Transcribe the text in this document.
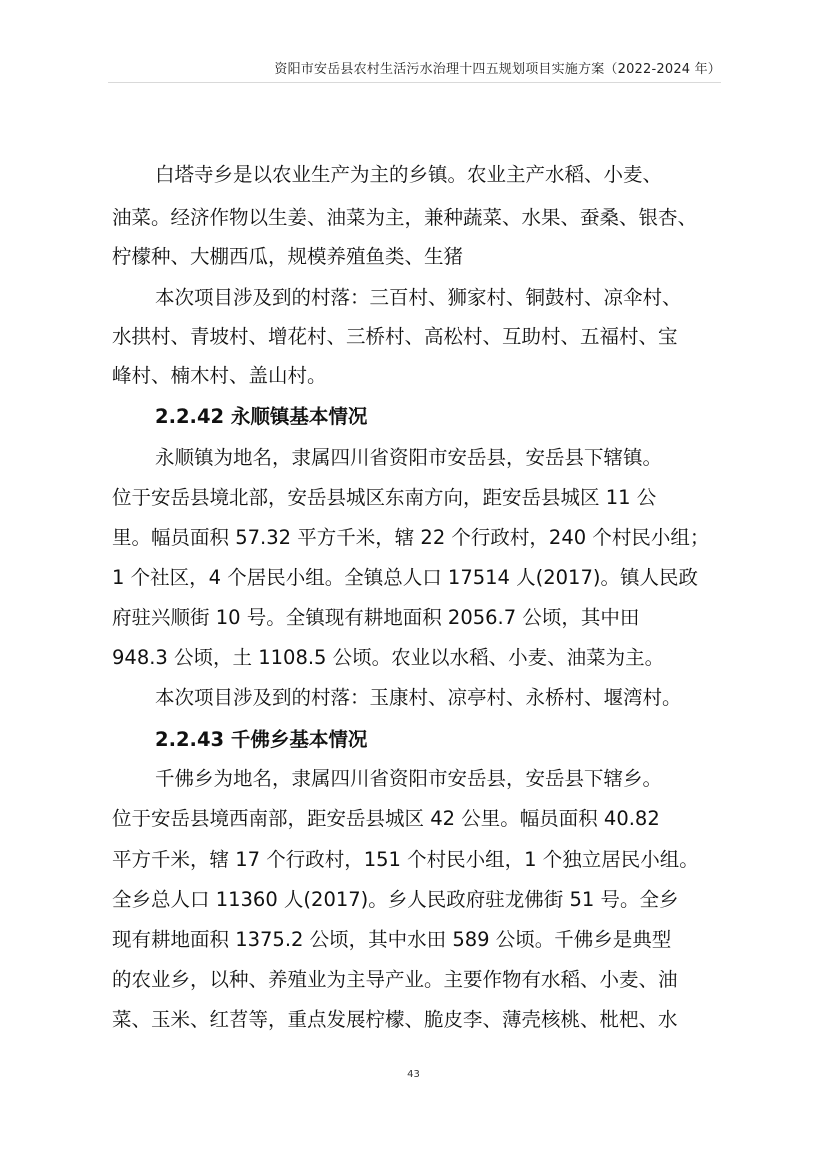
资阳市安岳县农村生活污水治理十四五规划项目实施方案（2022-2024 年）
白塔寺乡是以农业生产为主的乡镇。农业主产水稻、小麦、
油菜。经济作物以生姜、油菜为主，兼种蔬菜、水果、蚕桑、银杏、
柠檬种、大棚西瓜，规模养殖鱼类、生猪
本次项目涉及到的村落：三百村、狮家村、铜鼓村、凉伞村、
水拱村、青坡村、增花村、三桥村、高松村、互助村、五福村、宝
峰村、楠木村、盖山村。
2.2.42 永顺镇基本情况
永顺镇为地名，隶属四川省资阳市安岳县，安岳县下辖镇。
位于安岳县境北部，安岳县城区东南方向，距安岳县城区 11 公
里。幅员面积 57.32 平方千米，辖 22 个行政村，240 个村民小组；
1 个社区，4 个居民小组。全镇总人口 17514 人(2017)。镇人民政
府驻兴顺街 10 号。全镇现有耕地面积 2056.7 公顷，其中田
948.3 公顷，土 1108.5 公顷。农业以水稻、小麦、油菜为主。
本次项目涉及到的村落：玉康村、凉亭村、永桥村、堰湾村。
2.2.43 千佛乡基本情况
千佛乡为地名，隶属四川省资阳市安岳县，安岳县下辖乡。
位于安岳县境西南部，距安岳县城区 42 公里。幅员面积 40.82
平方千米，辖 17 个行政村，151 个村民小组，1 个独立居民小组。
全乡总人口 11360 人(2017)。乡人民政府驻龙佛街 51 号。全乡
现有耕地面积 1375.2 公顷，其中水田 589 公顷。千佛乡是典型
的农业乡，以种、养殖业为主导产业。主要作物有水稻、小麦、油
菜、玉米、红苕等，重点发展柠檬、脆皮李、薄壳核桃、枇杷、水
43
